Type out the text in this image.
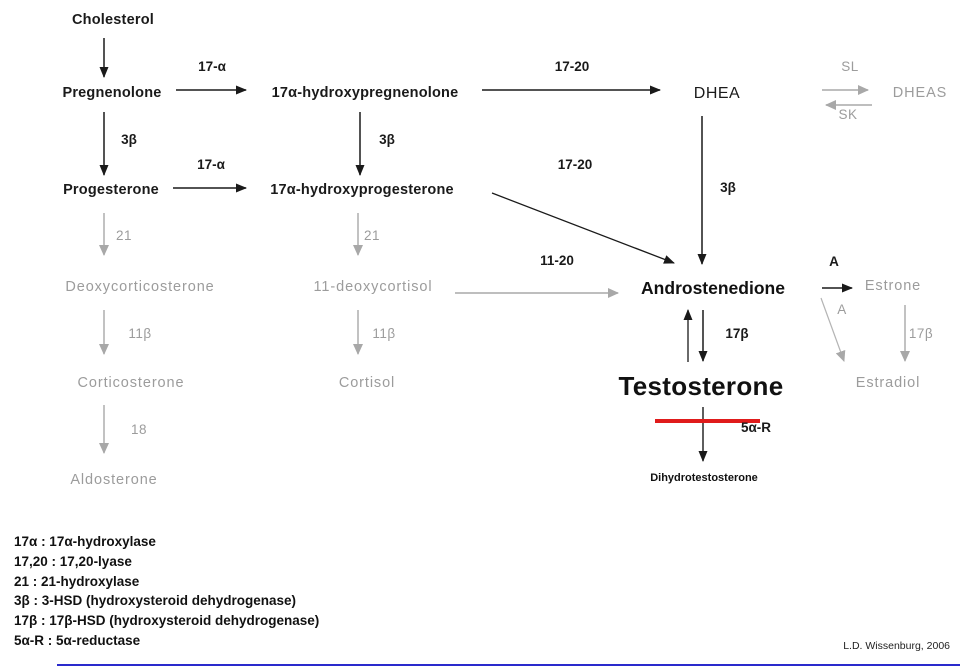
Cholesterol
Pregnenolone	17α-hydroxypregnenolone	DHEA	DHEAS
Progesterone	17α-hydroxyprogesterone
Deoxycorticosterone	11-deoxycortisol	Androstenedione	Estrone
Corticosterone	Cortisol	Testosterone	Estradiol
Aldosterone	Dihydrotestosterone
17-α	17-20	SL
SK
3β	3β
17-α	17-20
3β
21	21
11-20	A
A
17β
11β	11β	17β
5α-R
18
17α : 17α-hydroxylase
17,20 : 17,20-lyase
21 : 21-hydroxylase
3β : 3-HSD (hydroxysteroid dehydrogenase)
17β : 17β-HSD (hydroxysteroid dehydrogenase)
5α-R : 5α-reductase	L.D. Wissenburg, 2006
